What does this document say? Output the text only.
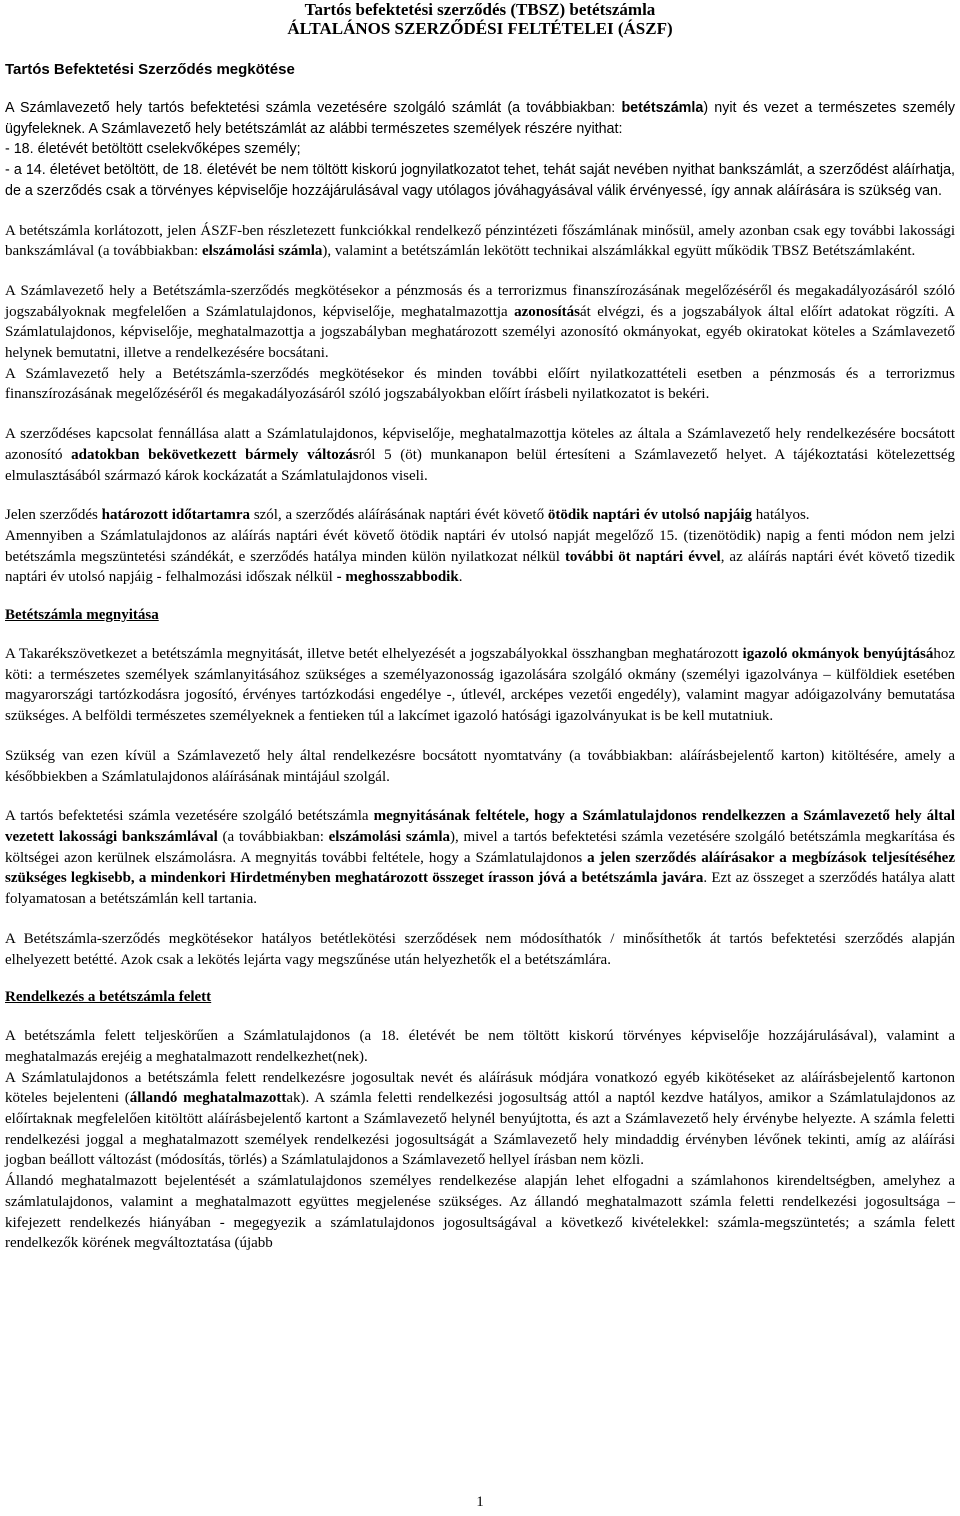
Tartós befektetési szerződés (TBSZ) betétszámla
ÁLTALÁNOS SZERZŐDÉSI FELTÉTELEI (ÁSZF)
Tartós Befektetési Szerződés megkötése

A Számlavezető hely tartós befektetési számla vezetésére szolgáló számlát (a továbbiakban: betétszámla) nyit és vezet a természetes személy ügyfeleknek. A Számlavezető hely betétszámlát az alábbi természetes személyek részére nyithat:
- 18. életévét betöltött cselekvőképes személy;
- a 14. életévet betöltött, de 18. életévét be nem töltött kiskorú jognyilatkozatot tehet, tehát saját nevében nyithat bankszámlát, a szerződést aláírhatja, de a szerződés csak a törvényes képviselője hozzájárulásával vagy utólagos jóváhagyásával válik érvényessé, így annak aláírására is szükség van.

A betétszámla korlátozott, jelen ÁSZF-ben részletezett funkciókkal rendelkező pénzintézeti főszámlának minősül, amely azonban csak egy további lakossági bankszámlával (a továbbiakban: elszámolási számla), valamint a betétszámlán lekötött technikai alszámlákkal együtt működik TBSZ Betétszámlaként.

A Számlavezető hely a Betétszámla-szerződés megkötésekor a pénzmosás és a terrorizmus finanszírozásának megelőzéséről és megakadályozásáról szóló jogszabályoknak megfelelően a Számlatulajdonos, képviselője, meghatalmazottja azonosítását elvégzi, és a jogszabályok által előírt adatokat rögzíti. A Számlatulajdonos, képviselője, meghatalmazottja a jogszabályban meghatározott személyi azonosító okmányokat, egyéb okiratokat köteles a Számlavezető helynek bemutatni, illetve a rendelkezésére bocsátani.

A Számlavezető hely a Betétszámla-szerződés megkötésekor és minden további előírt nyilatkozattételi esetben a pénzmosás és a terrorizmus finanszírozásának megelőzéséről és megakadályozásáról szóló jogszabályokban előírt írásbeli nyilatkozatot is bekéri.

A szerződéses kapcsolat fennállása alatt a Számlatulajdonos, képviselője, meghatalmazottja köteles az általa a Számlavezető hely rendelkezésére bocsátott azonosító adatokban bekövetkezett bármely változásról 5 (öt) munkanapon belül értesíteni a Számlavezető helyet. A tájékoztatási kötelezettség elmulasztásából származó károk kockázatát a Számlatulajdonos viseli.

Jelen szerződés határozott időtartamra szól, a szerződés aláírásának naptári évét követő ötödik naptári év utolsó napjáig hatályos.

Amennyiben a Számlatulajdonos az aláírás naptári évét követő ötödik naptári év utolsó napját megelőző 15. (tizenötödik) napig a fenti módon nem jelzi betétszámla megszüntetési szándékát, e szerződés hatálya minden külön nyilatkozat nélkül további öt naptári évvel, az aláírás naptári évét követő tizedik naptári év utolsó napjáig - felhalmozási időszak nélkül - meghosszabbodik.

Betétszámla megnyitása

A Takarékszövetkezet a betétszámla megnyitását, illetve betét elhelyezését a jogszabályokkal összhangban meghatározott igazoló okmányok benyújtásához köti: a természetes személyek számlanyitásához szükséges a személyazonosság igazolására szolgáló okmány (személyi igazolványa – külföldiek esetében magyarországi tartózkodásra jogosító, érvényes tartózkodási engedélye -, útlevél, arcképes vezetői engedély), valamint magyar adóigazolvány bemutatása szükséges. A belföldi természetes személyeknek a fentieken túl a lakcímet igazoló hatósági igazolványukat is be kell mutatniuk.

Szükség van ezen kívül a Számlavezető hely által rendelkezésre bocsátott nyomtatvány (a továbbiakban: aláírásbejelentő karton) kitöltésére, amely a későbbiekben a Számlatulajdonos aláírásának mintájául szolgál.

A tartós befektetési számla vezetésére szolgáló betétszámla megnyitásának feltétele, hogy a Számlatulajdonos rendelkezzen a Számlavezető hely által vezetett lakossági bankszámlával (a továbbiakban: elszámolási számla), mivel a tartós befektetési számla vezetésére szolgáló betétszámla megkarítása és költségei azon kerülnek elszámolásra. A megnyitás további feltétele, hogy a Számlatulajdonos a jelen szerződés aláírásakor a megbízások teljesítéséhez szükséges legkisebb, a mindenkori Hirdetményben meghatározott összeget írasson jóvá a betétszámla javára. Ezt az összeget a szerződés hatálya alatt folyamatosan a betétszámlán kell tartania.

A Betétszámla-szerződés megkötésekor hatályos betétlekötési szerződések nem módosíthatók / minősíthetők át tartós befektetési szerződés alapján elhelyezett betétté. Azok csak a lekötés lejárta vagy megszűnése után helyezhetők el a betétszámlára.

Rendelkezés a betétszámla felett

A betétszámla felett teljeskörűen a Számlatulajdonos (a 18. életévét be nem töltött kiskorú törvényes képviselője hozzájárulásával), valamint a meghatalmazás erejéig a meghatalmazott rendelkezhet(nek).

A Számlatulajdonos a betétszámla felett rendelkezésre jogosultak nevét és aláírásuk módjára vonatkozó egyéb kikötéseket az aláírásbejelentő kartonon köteles bejelenteni (állandó meghatalmazottak). A számla feletti rendelkezési jogosultság attól a naptól kezdve hatályos, amikor a Számlatulajdonos az előírtaknak megfelelően kitöltött aláírásbejelentő kartont a Számlavezető helynél benyújtotta, és azt a Számlavezető hely érvénybe helyezte. A számla feletti rendelkezési joggal a meghatalmazott személyek rendelkezési jogosultságát a Számlavezető hely mindaddig érvényben lévőnek tekinti, amíg az aláírási jogban beállott változást (módosítás, törlés) a Számlatulajdonos a Számlavezető hellyel írásban nem közli.

Állandó meghatalmazott bejelentését a számlatulajdonos személyes rendelkezése alapján lehet elfogadni a számlahonos kirendeltségben, amelyhez a számlatulajdonos, valamint a meghatalmazott együttes megjelenése szükséges. Az állandó meghatalmazott számla feletti rendelkezési jogosultsága – kifejezett rendelkezés hiányában - megegyezik a számlatulajdonos jogosultságával a következő kivételekkel: számla-megszüntetés; a számla felett rendelkezők körének megváltoztatása (újabb

1
